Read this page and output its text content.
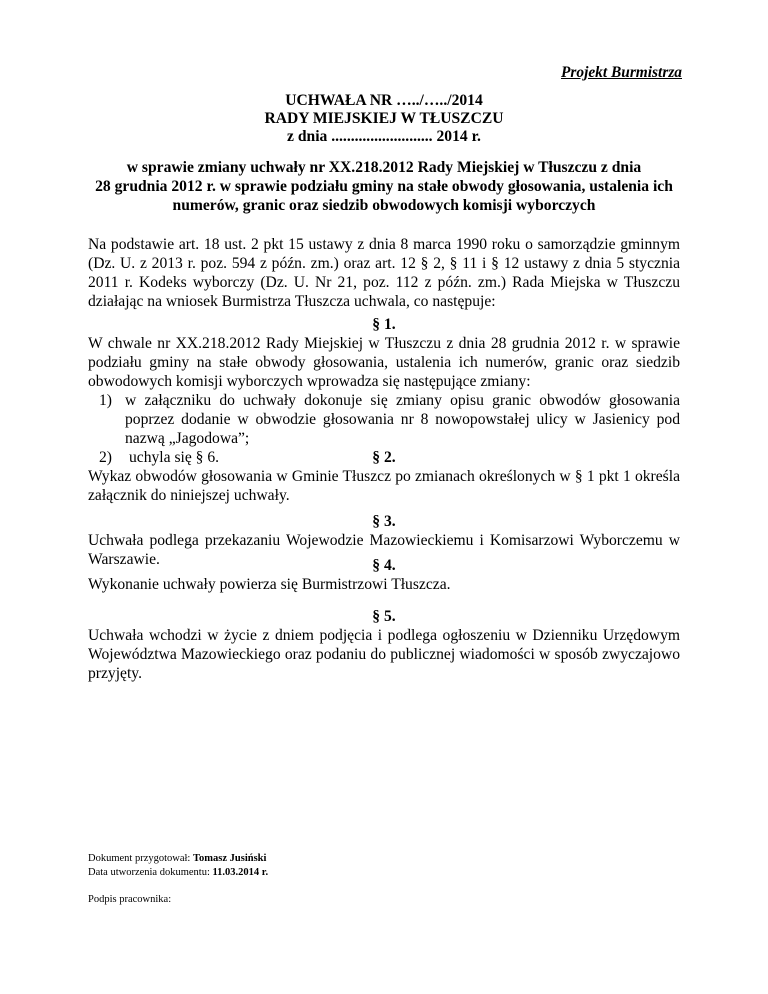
Projekt Burmistrza
UCHWAŁA NR …../…../2014
RADY MIEJSKIEJ W TŁUSZCZU
z dnia .......................... 2014 r.
w sprawie zmiany uchwały nr XX.218.2012 Rady Miejskiej w Tłuszczu z dnia
28 grudnia 2012 r. w sprawie podziału gminy na stałe obwody głosowania, ustalenia ich
numerów, granic oraz siedzib obwodowych komisji wyborczych
Na podstawie art. 18 ust. 2 pkt 15 ustawy z dnia 8 marca 1990 roku o samorządzie gminnym (Dz. U. z 2013 r. poz. 594 z późn. zm.) oraz art. 12 § 2, § 11 i § 12 ustawy z dnia 5 stycznia 2011 r. Kodeks wyborczy (Dz. U. Nr 21, poz. 112 z późn. zm.) Rada Miejska w Tłuszczu działając na wniosek Burmistrza Tłuszcza uchwala, co następuje:
§ 1.
W chwale nr XX.218.2012 Rady Miejskiej w Tłuszczu z dnia 28 grudnia 2012 r. w sprawie podziału gminy na stałe obwody głosowania, ustalenia ich numerów, granic oraz siedzib obwodowych komisji wyborczych wprowadza się następujące zmiany:
1) w załączniku do uchwały dokonuje się zmiany opisu granic obwodów głosowania poprzez dodanie w obwodzie głosowania nr 8 nowopowstałej ulicy w Jasienicy pod nazwą „Jagodowa”;
2) uchyla się § 6.	§ 2.
Wykaz obwodów głosowania w Gminie Tłuszcz po zmianach określonych w § 1 pkt 1 określa załącznik do niniejszej uchwały.
§ 3.
Uchwała podlega przekazaniu Wojewodzie Mazowieckiemu i Komisarzowi Wyborczemu w Warszawie.	§ 4.
Wykonanie uchwały powierza się Burmistrzowi Tłuszcza.
§ 5.
Uchwała wchodzi w życie z dniem podjęcia i podlega ogłoszeniu w Dzienniku Urzędowym Województwa Mazowieckiego oraz podaniu do publicznej wiadomości w sposób zwyczajowo przyjęty.
Dokument przygotował: Tomasz Jusiński
Data utworzenia dokumentu: 11.03.2014 r.
Podpis pracownika:
